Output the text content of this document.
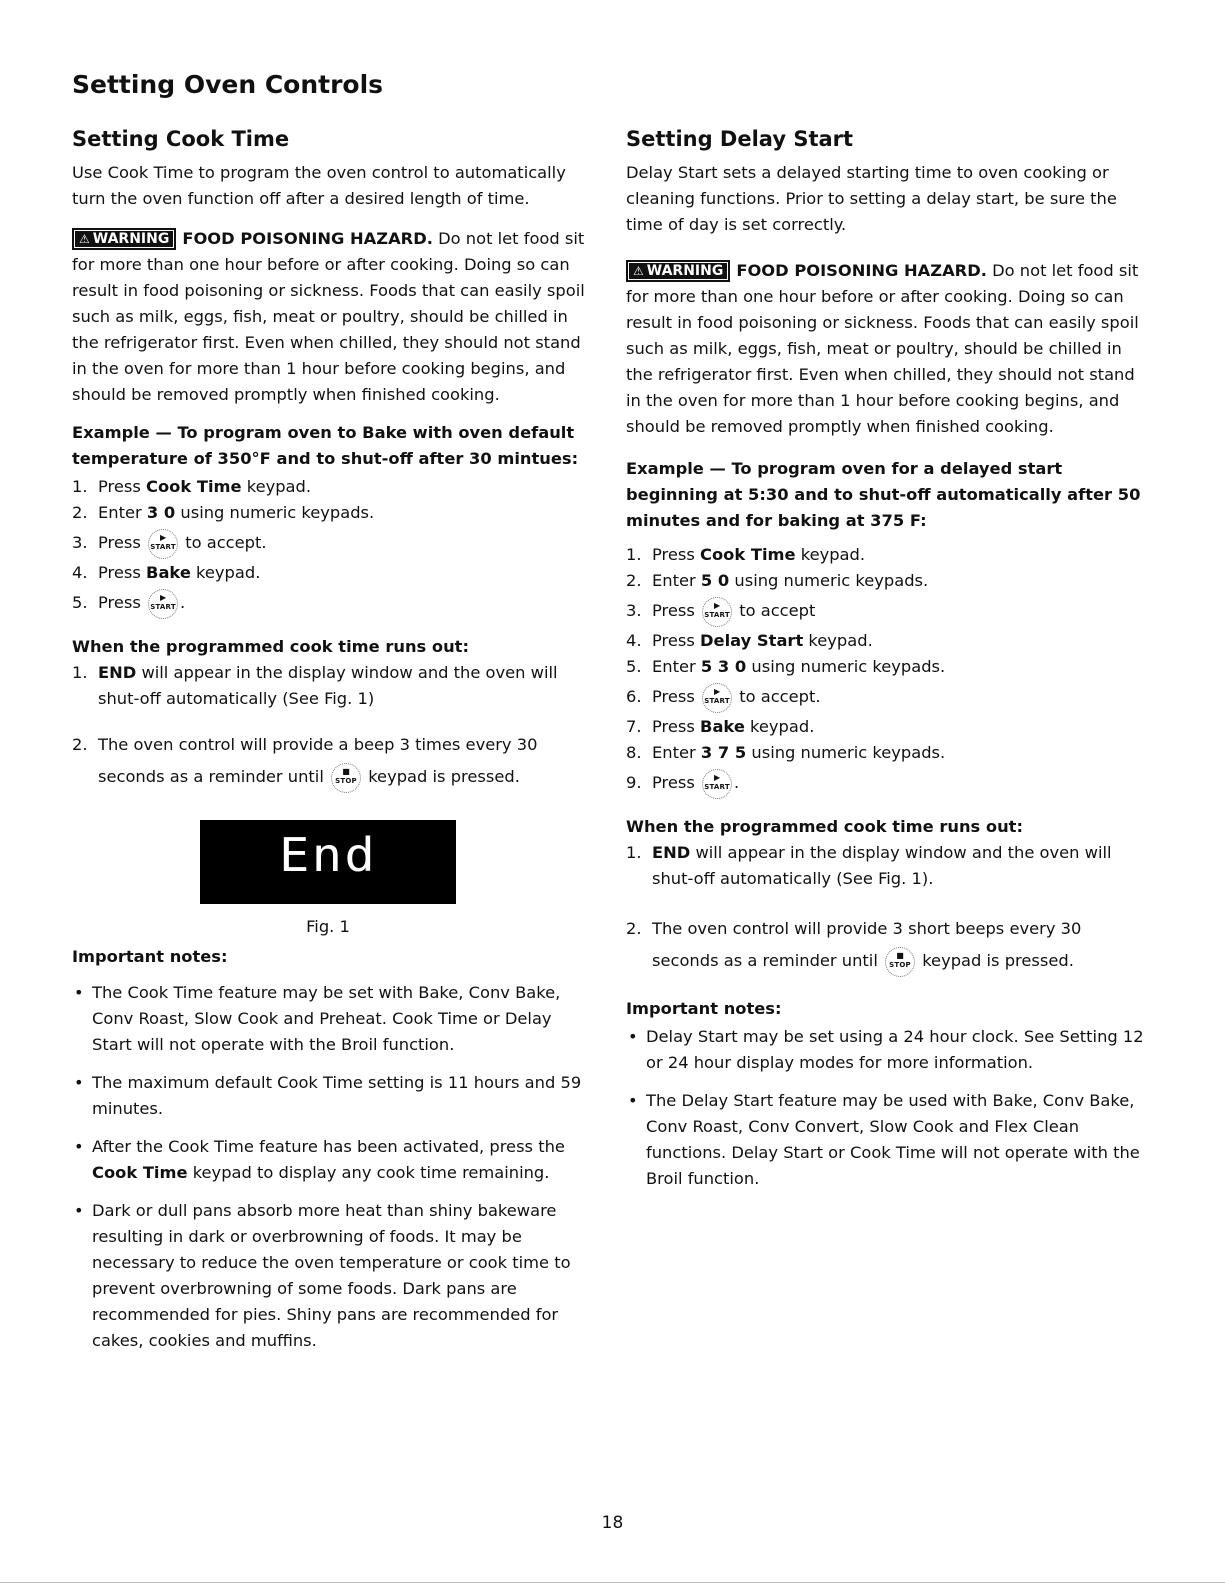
Setting Oven Controls
Setting Cook Time

Use Cook Time to program the oven control to automatically turn the oven function off after a desired length of time.

⚠ WARNING FOOD POISONING HAZARD. Do not let food sit for more than one hour before or after cooking. Doing so can result in food poisoning or sickness. Foods that can easily spoil such as milk, eggs, fish, meat or poultry, should be chilled in the refrigerator first. Even when chilled, they should not stand in the oven for more than 1 hour before cooking begins, and should be removed promptly when finished cooking.

Example — To program oven to Bake with oven default temperature of 350°F and to shut-off after 30 mintues:

1. Press Cook Time keypad.
2. Enter 3 0 using numeric keypads.
3. Press	▶
START to accept.
4. Press Bake keypad.
5. Press	▶
START .

When the programmed cook time runs out:

1. END will appear in the display window and the oven will shut-off automatically (See Fig. 1)
2. The oven control will provide a beep 3 times every 30
seconds as a reminder until	■
STOP keypad is pressed.
End
Fig. 1

Important notes:

• The Cook Time feature may be set with Bake, Conv Bake, Conv Roast, Slow Cook and Preheat. Cook Time or Delay Start will not operate with the Broil function.
• The maximum default Cook Time setting is 11 hours and 59 minutes.
• After the Cook Time feature has been activated, press the Cook Time keypad to display any cook time remaining.
• Dark or dull pans absorb more heat than shiny bakeware resulting in dark or overbrowning of foods. It may be necessary to reduce the oven temperature or cook time to prevent overbrowning of some foods. Dark pans are recommended for pies. Shiny pans are recommended for cakes, cookies and muffins.
Setting Delay Start

Delay Start sets a delayed starting time to oven cooking or cleaning functions. Prior to setting a delay start, be sure the time of day is set correctly.

⚠ WARNING FOOD POISONING HAZARD. Do not let food sit for more than one hour before or after cooking. Doing so can result in food poisoning or sickness. Foods that can easily spoil such as milk, eggs, fish, meat or poultry, should be chilled in the refrigerator first. Even when chilled, they should not stand in the oven for more than 1 hour before cooking begins, and should be removed promptly when finished cooking.

Example — To program oven for a delayed start beginning at 5:30 and to shut-off automatically after 50 minutes and for baking at 375 F:

1. Press Cook Time keypad.
2. Enter 5 0 using numeric keypads.
3. Press	▶
START to accept
4. Press Delay Start keypad.
5. Enter 5 3 0 using numeric keypads.
6. Press	▶
START to accept.
7. Press Bake keypad.
8. Enter 3 7 5 using numeric keypads.
9. Press	▶
START .

When the programmed cook time runs out:

1. END will appear in the display window and the oven will shut-off automatically (See Fig. 1).
2. The oven control will provide 3 short beeps every 30
seconds as a reminder until	■
STOP keypad is pressed.

Important notes:

• Delay Start may be set using a 24 hour clock. See Setting 12 or 24 hour display modes for more information.
• The Delay Start feature may be used with Bake, Conv Bake, Conv Roast, Conv Convert, Slow Cook and Flex Clean functions. Delay Start or Cook Time will not operate with the Broil function.
18
